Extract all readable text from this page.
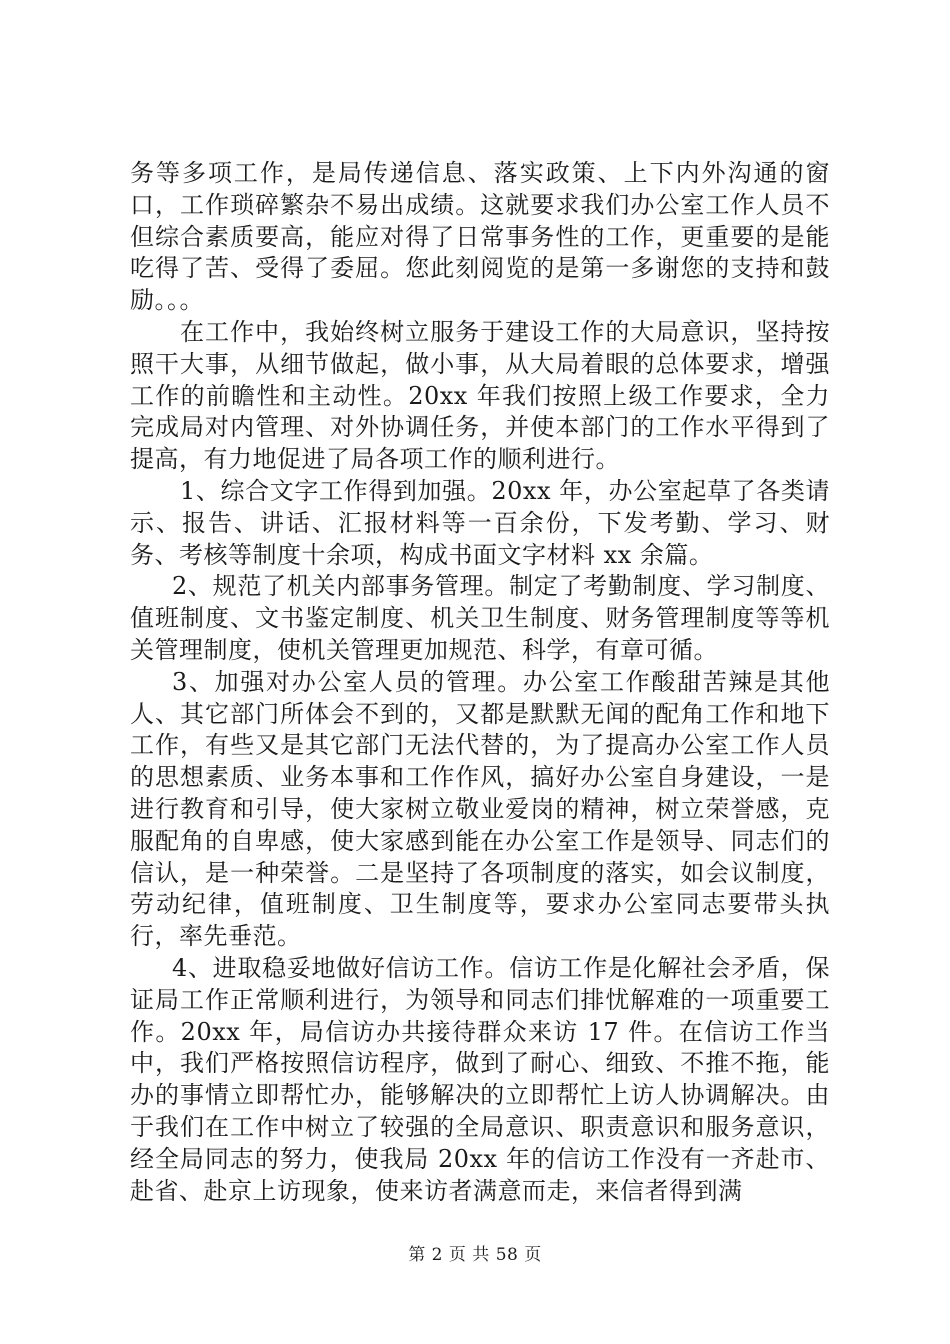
务等多项工作，是局传递信息、落实政策、上下内外沟通的窗口，工作琐碎繁杂不易出成绩。这就要求我们办公室工作人员不但综合素质要高，能应对得了日常事务性的工作，更重要的是能吃得了苦、受得了委屈。您此刻阅览的是第一多谢您的支持和鼓励。。。

在工作中，我始终树立服务于建设工作的大局意识，坚持按照干大事，从细节做起，做小事，从大局着眼的总体要求，增强工作的前瞻性和主动性。20xx 年我们按照上级工作要求，全力完成局对内管理、对外协调任务，并使本部门的工作水平得到了提高，有力地促进了局各项工作的顺利进行。

1、综合文字工作得到加强。20xx 年，办公室起草了各类请示、报告、讲话、汇报材料等一百余份，下发考勤、学习、财务、考核等制度十余项，构成书面文字材料 xx 余篇。

2、规范了机关内部事务管理。制定了考勤制度、学习制度、值班制度、文书鉴定制度、机关卫生制度、财务管理制度等等机关管理制度，使机关管理更加规范、科学，有章可循。

3、加强对办公室人员的管理。办公室工作酸甜苦辣是其他人、其它部门所体会不到的，又都是默默无闻的配角工作和地下工作，有些又是其它部门无法代替的，为了提高办公室工作人员的思想素质、业务本事和工作作风，搞好办公室自身建设，一是进行教育和引导，使大家树立敬业爱岗的精神，树立荣誉感，克服配角的自卑感，使大家感到能在办公室工作是领导、同志们的信认，是一种荣誉。二是坚持了各项制度的落实，如会议制度，劳动纪律，值班制度、卫生制度等，要求办公室同志要带头执行，率先垂范。

4、进取稳妥地做好信访工作。信访工作是化解社会矛盾，保证局工作正常顺利进行，为领导和同志们排忧解难的一项重要工作。20xx 年，局信访办共接待群众来访 17 件。在信访工作当中，我们严格按照信访程序，做到了耐心、细致、不推不拖，能办的事情立即帮忙办，能够解决的立即帮忙上访人协调解决。由于我们在工作中树立了较强的全局意识、职责意识和服务意识，经全局同志的努力，使我局 20xx 年的信访工作没有一齐赴市、赴省、赴京上访现象，使来访者满意而走，来信者得到满

第 2 页 共 58 页
